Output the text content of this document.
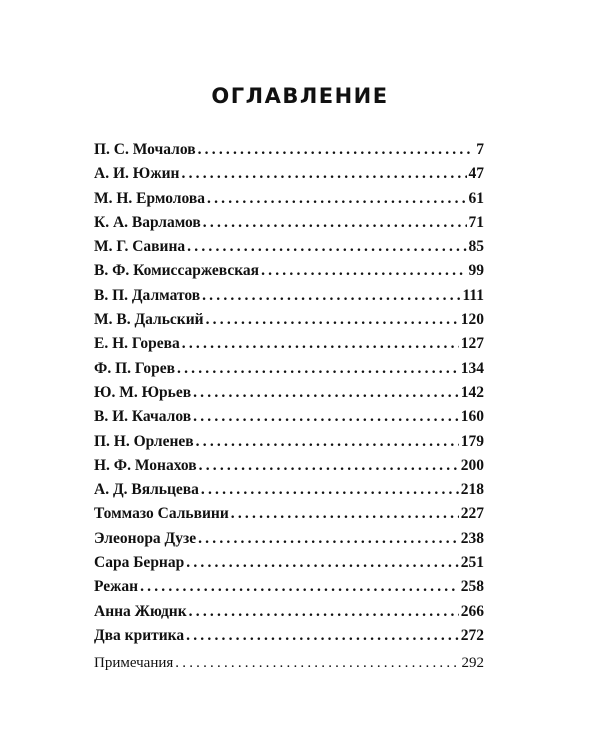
ОГЛАВЛЕНИЕ
П. С. Мочалов .....	7
А. И. Южин .....	47
М. Н. Ермолова .....	61
К. А. Варламов .....	71
М. Г. Савина .....	85
В. Ф. Комиссаржевская .....	99
В. П. Далматов .....	111
М. В. Дальский .....	120
Е. Н. Горева .....	127
Ф. П. Горев .....	134
Ю. М. Юрьев .....	142
В. И. Качалов .....	160
П. Н. Орленев .....	179
Н. Ф. Монахов .....	200
А. Д. Вяльцева .....	218
Томмазо Сальвини .....	227
Элеонора Дузе .....	238
Сара Бернар .....	251
Режан .....	258
Анна Жюднк .....	266
Два критика .....	272
Примечания .....	292
